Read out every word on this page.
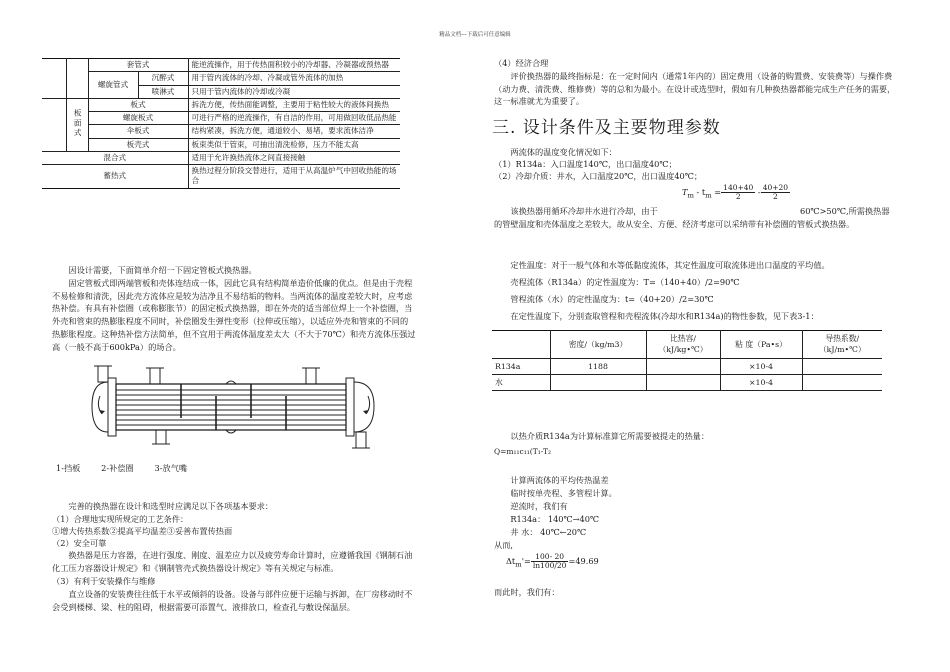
精品文档---下载后可任意编辑
		套管式		能逆流操作，用于传热面积较小的冷却器、冷凝器或预热器
		螺旋管式	沉醉式	用于管内流体的冷却、冷凝或管外流体的加热
			喷淋式	只用于管内流体的冷却或冷凝
	板面式	板式		拆洗方便，传热面能调整，主要用于粘性较大的液体间换热
		螺旋板式		可进行严格的逆流操作，有自洁的作用，可用做回收低品热能
		伞板式		结构紧凑，拆洗方便，通道较小、易堵，要求流体洁净
		板壳式		板束类似于管束，可抽出清洗检修，压力不能太高
混合式				适用于允许换热流体之间直接接触
蓄热式				换热过程分阶段交替进行，适用于从高温炉气中回收热能的场合
因设计需要，下面简单介绍一下固定管板式换热器。
固定管板式即两端管板和壳体连结成一体，因此它具有结构简单造价低廉的优点。但是由于壳程不易检修和清洗，因此壳方流体应是较为洁净且不易结垢的物料。当两流体的温度差较大时，应考虑热补偿。有具有补偿圈（或称膨胀节）的固定板式换热器，即在外壳的适当部位焊上一个补偿圈，当外壳和管束的热膨胀程度不同时，补偿圈发生弹性变形（拉伸或压缩），以适应外壳和管束的不同的热膨胀程度。这种热补偿方法简单，但不宜用于两流体温度差太大（不大于70℃）和壳方流体压强过高（一般不高于600kPa）的场合。
1-挡板        2-补偿圈        3-放气嘴
完善的换热器在设计和选型时应满足以下各项基本要求：
（1）合理地实现所规定的工艺条件：
①增大传热系数②提高平均温差③妥善布置传热面
（2）安全可靠
换热器是压力容器，在进行强度、刚度、温差应力以及疲劳寿命计算时，应遵循我国《钢制石油化工压力容器设计规定》和《钢制管壳式换热器设计规定》等有关规定与标准。
（3）有利于安装操作与维修
直立设备的安装费往往低于水平或倾斜的设备。设备与部件应便于运输与拆卸，在厂房移动时不会受到楼梯、梁、柱的阻碍，根据需要可添置气、液排放口，检查孔与敷设保温层。
（4）经济合理
评价换热器的最终指标是：在一定时间内（通常1年内的）固定费用（设备的购置费、安装费等）与操作费（动力费、清洗费、维修费）等的总和为最小。在设计或选型时，假如有几种换热器都能完成生产任务的需要，这一标准就尤为重要了。
三. 设计条件及主要物理参数
两流体的温度变化情况如下：
（1）R134a：入口温度140℃，出口温度40℃；
（2）冷却介质：井水，入口温度20℃，出口温度40℃；
$T_m - t_m = \frac{140+40}{2} - \frac{40+20}{2}$
该换热器用循环冷却井水进行冷却，由于	60℃>50℃,所需换热器
的管壁温度和壳体温度之差较大，故从安全、方便、经济考虑可以采纳带有补偿圈的管板式换热器。
定性温度：对于一般气体和水等低黏度流体，其定性温度可取流体进出口温度的平均值。
壳程流体（R134a）的定性温度为：T=（140+40）/2=90℃
管程流体（水）的定性温度为：t=（40+20）/2=30℃
在定性温度下，分别查取管程和壳程流体(冷却水和R134a)的物性参数，见下表3-1：
	密度/（kg/m3）	比热容/（kJ/kg•℃）	粘 度（Pa•s）	导热系数/（kJ/m•℃）
R134a	1188		×10-4	
水			×10-4	
以热介质R134a为计算标准算它所需要被提走的热量：
Q=m₁₁c₁₁(T₁-T₂
计算两流体的平均传热温差
临时按单壳程、多管程计算。
逆流时，我们有
R134a： 140℃→40℃
井 水： 40℃←20℃
从而,
$\Delta t_m'= \frac{100- 20}{\ln 100/20} =49.69$
而此时，我们有：
